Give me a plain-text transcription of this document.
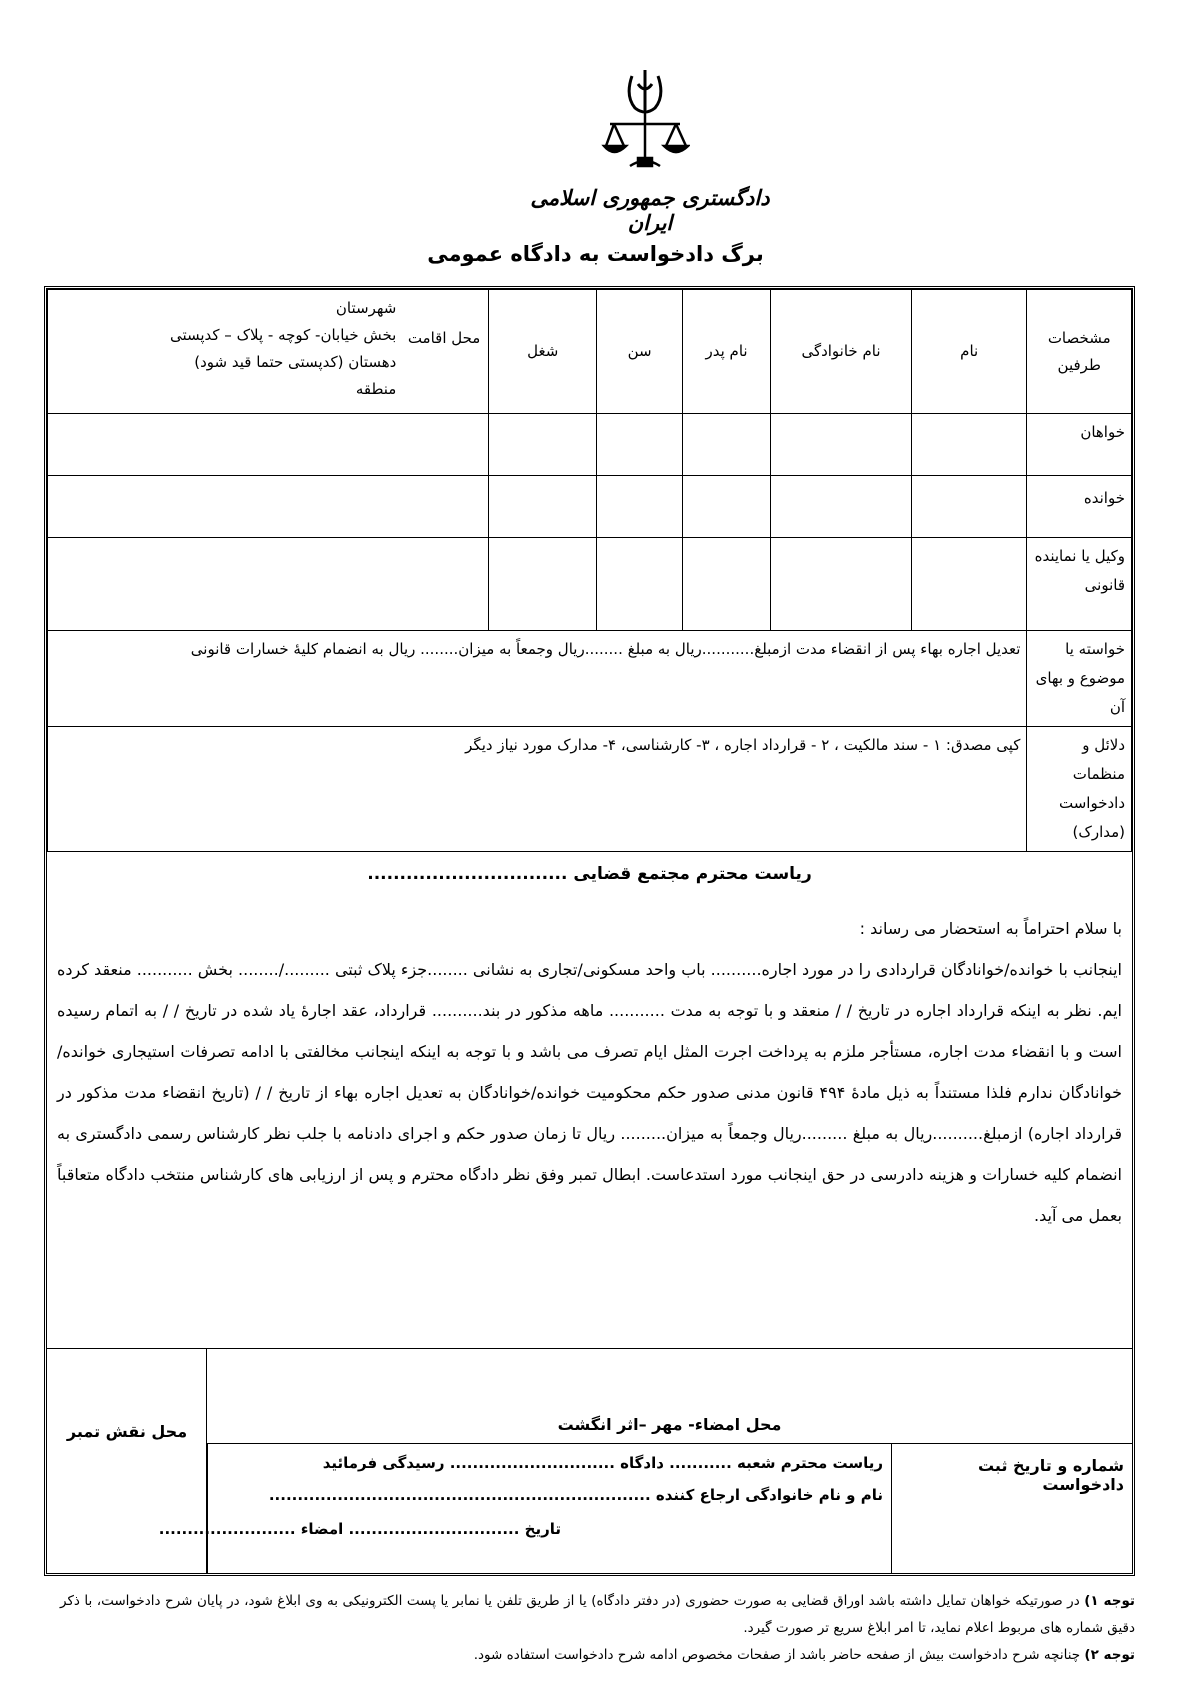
دادگستری جمهوری اسلامی ایران
برگ دادخواست به دادگاه عمومی
مشخصات طرفین	نام	نام خانوادگی	نام پدر	سن	شغل	محل اقامت
شهرستان
بخش خیابان- کوچه - پلاک – کدپستی
دهستان (کدپستی حتما قید شود)
منطقه

خواهان						
خوانده						
وکیل یا نماینده قانونی						
خواسته یا موضوع و بهای آن	تعدیل اجاره بهاء پس از انقضاء مدت ازمبلغ...........ریال به مبلغ ........ریال وجمعاً به میزان........ ریال به انضمام کلیهٔ خسارات قانونی					
دلائل و منظمات دادخواست (مدارک)	کپی مصدق: ۱ - سند مالکیت ، ۲ - قرارداد اجاره ، ۳- کارشناسی، ۴- مدارک مورد نیاز دیگر					
ریاست محترم مجتمع قضایی ...............................

با سلام احتراماً به استحضار می رساند :

اینجانب با خوانده/خوانادگان قراردادی را در مورد اجاره.......... باب واحد مسکونی/تجاری به نشانی ........جزء پلاک ثبتی ........./........ بخش ........... منعقد کرده ایم. نظر به اینکه قرارداد اجاره در تاریخ / / منعقد و با توجه به مدت ........... ماهه مذکور در بند.......... قرارداد، عقد اجارهٔ یاد شده در تاریخ / / به اتمام رسیده است و با انقضاء مدت اجاره، مستأجر ملزم به پرداخت اجرت المثل ایام تصرف می باشد و با توجه به اینکه اینجانب مخالفتی با ادامه تصرفات استیجاری خوانده/خوانادگان ندارم فلذا مستنداً به ذیل مادهٔ ۴۹۴ قانون مدنی صدور حکم محکومیت خوانده/خوانادگان به تعدیل اجاره بهاء از تاریخ / / (تاریخ انقضاء مدت مذکور در قرارداد اجاره) ازمبلغ..........ریال به مبلغ .........ریال وجمعاً به میزان......... ریال تا زمان صدور حکم و اجرای دادنامه با جلب نظر کارشناس رسمی دادگستری به انضمام کلیه خسارات و هزینه دادرسی در حق اینجانب مورد استدعاست. ابطال تمبر وفق نظر دادگاه محترم و پس از ارزیابی های کارشناس منتخب دادگاه متعاقباً بعمل می آید.

محل امضاء- مهر –اثر انگشت
محل نقش تمبر
شماره و تاریخ ثبت دادخواست
ریاست محترم شعبه ........... دادگاه ............................. رسیدگی فرمائید
نام و نام خانوادگی ارجاع کننده ...................................................................
تاریخ .............................. امضاء ........................

توجه ۱) در صورتیکه خواهان تمایل داشته باشد اوراق قضایی به صورت حضوری (در دفتر دادگاه) یا از طریق تلفن یا نمابر یا پست الکترونیکی به وی ابلاغ شود، در پایان شرح دادخواست، با ذکر دقیق شماره های مربوط اعلام نماید، تا امر ابلاغ سریع تر صورت گیرد.

توجه ۲) چنانچه شرح دادخواست بیش از صفحه حاضر باشد از صفحات مخصوص ادامه شرح دادخواست استفاده شود.
